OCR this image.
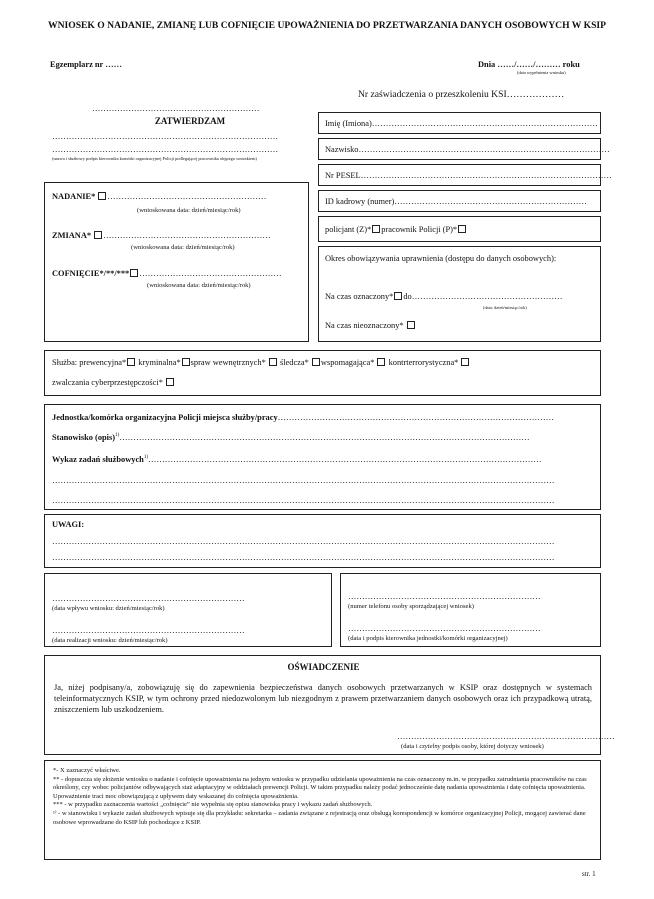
WNIOSEK O NADANIE, ZMIANĘ LUB COFNIĘCIE UPOWAŻNIENIA DO PRZETWARZANIA DANYCH OSOBOWYCH W KSIP
Egzemplarz nr ……	Dnia ……/……/……… roku
(data wypełnienia wniosku)
Nr zaświadczenia o przeszkoleniu KSI………………
……………………………………………………
ZATWIERDZAM
………………………………………………………………………
………………………………………………………………………
(nazwa i służbowy podpis kierownika komórki organizacyjnej Policji podlegającej pracownika objętego wnioskiem)
Imię (Imiona)………………………………………………………………………
Nazwisko………………………………………………………………………………
Nr PESEL………………………………………………………………………………
ID kadrowy (numer)……………………………………………………………
policjant (Z)* pracownik Policji (P)*
NADANIE* …………………………………………………
(wnioskowana data: dzień/miesiąc/rok)
ZMIANA* ……………………………………………………
(wnioskowana data: dzień/miesiąc/rok)
COFNIĘCIE*/**/*** ……………………………………………
(wnioskowana data: dzień/miesiąc/rok)
Okres obowiązywania uprawnienia (dostępu do danych osobowych):
Na czas oznaczony* do………………………………………………
(data: dzień/miesiąc/rok)
Na czas nieoznaczony*
Służba: prewencyjna* kryminalna* spraw wewnętrznych* śledcza* wspomagająca* kontrterrorystyczna*
zwalczania cyberprzestępczości*
Jednostka/komórka organizacyjna Policji miejsca służby/pracy………………………………………………………………………………………
Stanowisko (opis)$^{1)}$…………………………………………………………………………………………………………………………………
Wykaz zadań służbowych$^{1)}$……………………………………………………………………………………………………………………………
………………………………………………………………………………………………………………………………………………………………
………………………………………………………………………………………………………………………………………………………………
UWAGI:
………………………………………………………………………………………………………………………………………………………………
………………………………………………………………………………………………………………………………………………………………
……………………………………………………………
(data wpływu wniosku: dzień/miesiąc/rok)
……………………………………………………………
(data realizacji wniosku: dzień/miesiąc/rok)
……………………………………………………………
(numer telefonu osoby sporządzającej wniosek)
……………………………………………………………
(data i podpis kierownika jednostki/komórki organizacyjnej)
OŚWIADCZENIE
Ja, niżej podpisany/a, zobowiązuję się do zapewnienia bezpieczeństwa danych osobowych przetwarzanych w KSIP oraz dostępnych w systemach teleinformatycznych KSIP, w tym ochrony przed niedozwolonym lub niezgodnym z prawem przetwarzaniem danych osobowych oraz ich przypadkową utratą, zniszczeniem lub uszkodzeniem.
……………………………………………………………………
(data i czytelny podpis osoby, której dotyczy wniosek)
*- X zaznaczyć właściwe.
** - dopuszcza się złożenie wniosku o nadanie i cofnięcie upoważnienia na jednym wniosku w przypadku udzielania upoważnienia na czas oznaczony m.in. w przypadku zatrudniania pracowników na czas określony, czy wobec policjantów odbywających staż adaptacyjny w oddziałach prewencji Policji. W takim przypadku należy podać jednocześnie datę nadania upoważnienia i datę cofnięcia upoważnienia. Upoważnienie traci moc obowiązującą z upływem daty wskazanej do cofnięcia upoważnienia.
*** - w przypadku zaznaczenia wartości „cofnięcie” nie wypełnia się opisu stanowiska pracy i wykazu zadań służbowych.
¹⁾ - w stanowisku i wykazie zadań służbowych wpisuje się dla przykładu: sekretarka – zadania związane z rejestracją oraz obsługą korespondencji w komórce organizacyjnej Policji, mogącej zawierać dane osobowe wprowadzane do KSIP lub pochodzące z KSIP.
str. 1
